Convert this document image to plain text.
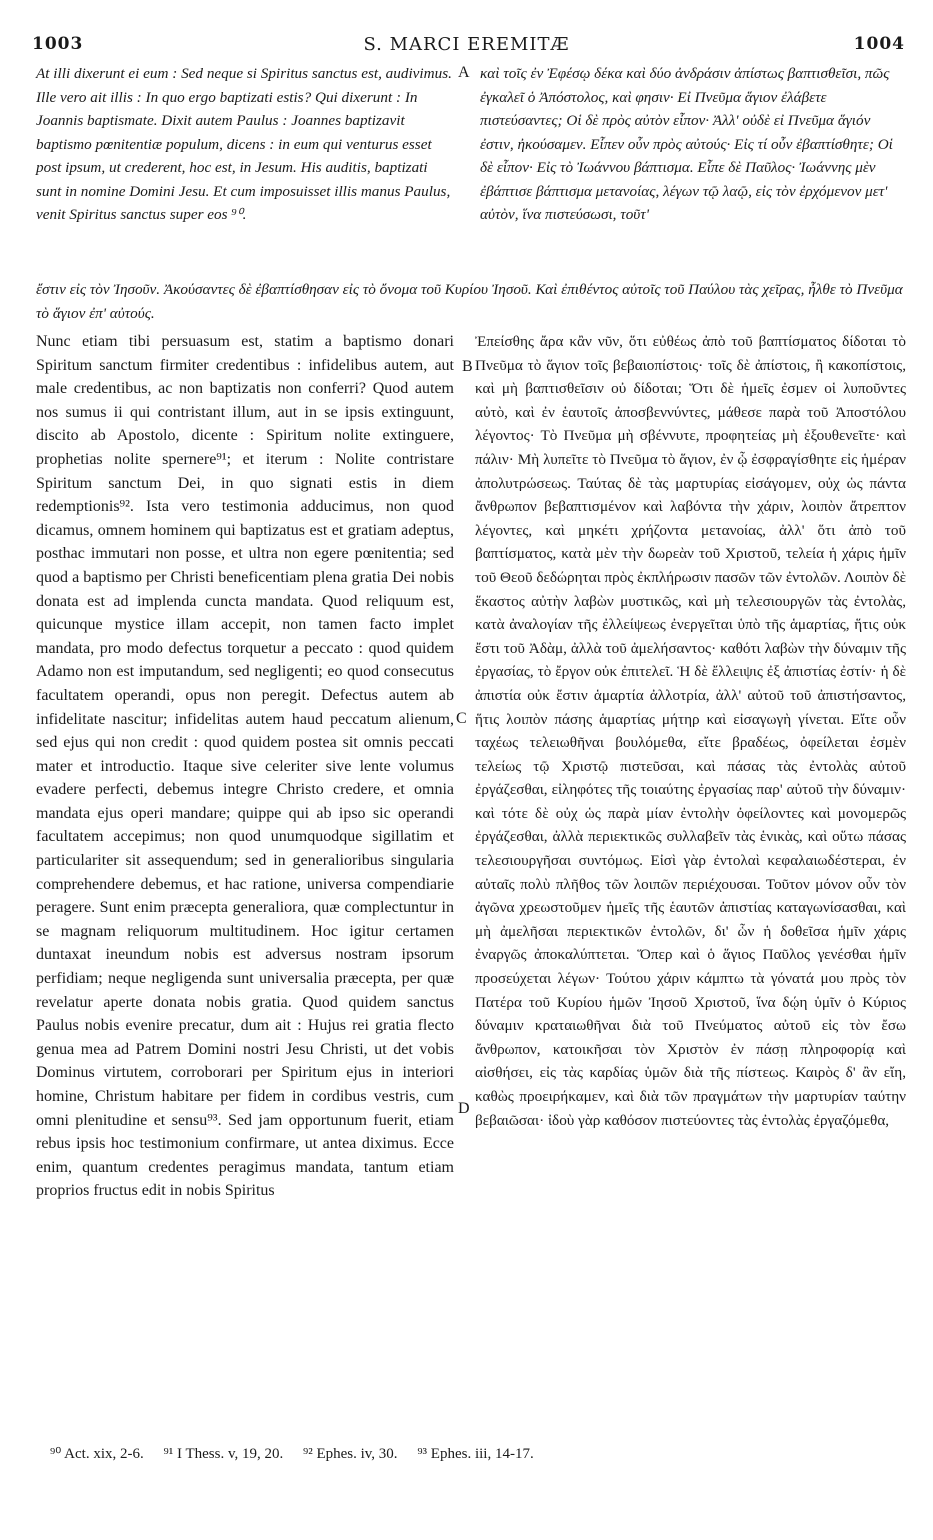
1003	S. MARCI EREMITÆ	1004

At illi dixerunt ei eum : Sed neque si Spiritus sanctus est, audivimus. Ille vero ait illis : In quo ergo baptizati estis? Qui dixerunt : In Joannis baptismate. Dixit autem Paulus : Joannes baptizavit baptismo pœnitentiæ populum, dicens : in eum qui venturus esset post ipsum, ut crederent, hoc est, in Jesum. His auditis, baptizati sunt in nomine Domini Jesu. Et cum imposuisset illis manus Paulus, venit Spiritus sanctus super eos ⁹⁰.

καὶ τοῖς ἐν Ἐφέσῳ δέκα καὶ δύο ἀνδράσιν ἀπίστως βαπτισθεῖσι, πῶς ἐγκαλεῖ ὁ Ἀπόστολος, καὶ φησιν· Εἰ Πνεῦμα ἅγιον ἐλάβετε πιστεύσαντες; Οἱ δὲ πρὸς αὐτὸν εἶπον· Ἀλλ' οὐδὲ εἰ Πνεῦμα ἅγιόν ἐστιν, ἠκούσαμεν. Εἶπεν οὖν πρὸς αὐτούς· Εἰς τί οὖν ἐβαπτίσθητε; Οἱ δὲ εἶπον· Εἰς τὸ Ἰωάννου βάπτισμα. Εἶπε δὲ Παῦλος· Ἰωάννης μὲν ἐβάπτισε βάπτισμα μετανοίας, λέγων τῷ λαῷ, εἰς τὸν ἐρχόμενον μετ' αὐτὸν, ἵνα πιστεύσωσι, τοῦτ'

ἔστιν εἰς τὸν Ἰησοῦν. Ἀκούσαντες δὲ ἐβαπτίσθησαν εἰς τὸ ὄνομα τοῦ Κυρίου Ἰησοῦ. Καὶ ἐπιθέντος αὐτοῖς τοῦ Παύλου τὰς χεῖρας, ἦλθε τὸ Πνεῦμα τὸ ἅγιον ἐπ' αὐτούς.

Nunc etiam tibi persuasum est, statim a baptismo donari Spiritum sanctum firmiter credentibus : infidelibus autem, aut male credentibus, ac non baptizatis non conferri? Quod autem nos sumus ii qui contristant illum, aut in se ipsis extinguunt, discito ab Apostolo, dicente : Spiritum nolite extinguere, prophetias nolite spernere⁹¹; et iterum : Nolite contristare Spiritum sanctum Dei, in quo signati estis in diem redemptionis⁹². Ista vero testimonia adducimus, non quod dicamus, omnem hominem qui baptizatus est et gratiam adeptus, posthac immutari non posse, et ultra non egere pœnitentia; sed quod a baptismo per Christi beneficentiam plena gratia Dei nobis donata est ad implenda cuncta mandata. Quod reliquum est, quicunque mystice illam accepit, non tamen facto implet mandata, pro modo defectus torquetur a peccato : quod quidem Adamo non est imputandum, sed negligenti; eo quod consecutus facultatem operandi, opus non peregit. Defectus autem ab infidelitate nascitur; infidelitas autem haud peccatum alienum, sed ejus qui non credit : quod quidem postea sit omnis peccati mater et introductio. Itaque sive celeriter sive lente volumus evadere perfecti, debemus integre Christo credere, et omnia mandata ejus operi mandare; quippe qui ab ipso sic operandi facultatem accepimus; non quod unumquodque sigillatim et particulariter sit assequendum; sed in generalioribus singularia comprehendere debemus, et hac ratione, universa compendiarie peragere. Sunt enim præcepta generaliora, quæ complectuntur in se magnam reliquorum multitudinem. Hoc igitur certamen duntaxat ineundum nobis est adversus nostram ipsorum perfidiam; neque negligenda sunt universalia præcepta, per quæ revelatur aperte donata nobis gratia. Quod quidem sanctus Paulus nobis evenire precatur, dum ait : Hujus rei gratia flecto genua mea ad Patrem Domini nostri Jesu Christi, ut det vobis Dominus virtutem, corroborari per Spiritum ejus in interiori homine, Christum habitare per fidem in cordibus vestris, cum omni plenitudine et sensu⁹³. Sed jam opportunum fuerit, etiam rebus ipsis hoc testimonium confirmare, ut antea diximus. Ecce enim, quantum credentes peragimus mandata, tantum etiam proprios fructus edit in nobis Spiritus

Ἐπείσθης ἄρα κἂν νῦν, ὅτι εὐθέως ἀπὸ τοῦ βαπτίσματος δίδοται τὸ Πνεῦμα τὸ ἅγιον τοῖς βεβαιοπίστοις· τοῖς δὲ ἀπίστοις, ἢ κακοπίστοις, καὶ μὴ βαπτισθεῖσιν οὐ δίδοται; Ὅτι δὲ ἡμεῖς ἐσμεν οἱ λυποῦντες αὐτὸ, καὶ ἐν ἑαυτοῖς ἀποσβεννύντες, μάθεσε παρὰ τοῦ Ἀποστόλου λέγοντος· Τὸ Πνεῦμα μὴ σβέννυτε, προφητείας μὴ ἐξουθενεῖτε· καὶ πάλιν· Μὴ λυπεῖτε τὸ Πνεῦμα τὸ ἅγιον, ἐν ᾧ ἐσφραγίσθητε εἰς ἡμέραν ἀπολυτρώσεως. Ταύτας δὲ τὰς μαρτυρίας εἰσάγομεν, οὐχ ὡς πάντα ἄνθρωπον βεβαπτισμένον καὶ λαβόντα τὴν χάριν, λοιπὸν ἄτρεπτον λέγοντες, καὶ μηκέτι χρήζοντα μετανοίας, ἀλλ' ὅτι ἀπὸ τοῦ βαπτίσματος, κατὰ μὲν τὴν δωρεὰν τοῦ Χριστοῦ, τελεία ἡ χάρις ἡμῖν τοῦ Θεοῦ δεδώρηται πρὸς ἐκπλήρωσιν πασῶν τῶν ἐντολῶν. Λοιπὸν δὲ ἕκαστος αὐτὴν λαβὼν μυστικῶς, καὶ μὴ τελεσιουργῶν τὰς ἐντολὰς, κατὰ ἀναλογίαν τῆς ἐλλείψεως ἐνεργεῖται ὑπὸ τῆς ἁμαρτίας, ἥτις οὐκ ἔστι τοῦ Ἀδὰμ, ἀλλὰ τοῦ ἀμελήσαντος· καθότι λαβὼν τὴν δύναμιν τῆς ἐργασίας, τὸ ἔργον οὐκ ἐπιτελεῖ. Ἡ δὲ ἔλλειψις ἐξ ἀπιστίας ἐστίν· ἡ δὲ ἀπιστία οὐκ ἔστιν ἁμαρτία ἀλλοτρία, ἀλλ' αὐτοῦ τοῦ ἀπιστήσαντος, ἥτις λοιπὸν πάσης ἁμαρτίας μήτηρ καὶ εἰσαγωγὴ γίνεται. Εἴτε οὖν ταχέως τελειωθῆναι βουλόμεθα, εἴτε βραδέως, ὀφείλεται ἐσμὲν τελείως τῷ Χριστῷ πιστεῦσαι, καὶ πάσας τὰς ἐντολὰς αὐτοῦ ἐργάζεσθαι, εἰληφότες τῆς τοιαύτης ἐργασίας παρ' αὐτοῦ τὴν δύναμιν· καὶ τότε δὲ οὐχ ὡς παρὰ μίαν ἐντολὴν ὀφείλοντες καὶ μονομερῶς ἐργάζεσθαι, ἀλλὰ περιεκτικῶς συλλαβεῖν τὰς ἑνικὰς, καὶ οὕτω πάσας τελεσιουργῆσαι συντόμως. Εἰσὶ γὰρ ἐντολαὶ κεφαλαιωδέστεραι, ἐν αὐταῖς πολὺ πλῆθος τῶν λοιπῶν περιέχουσαι. Τοῦτον μόνον οὖν τὸν ἀγῶνα χρεωστοῦμεν ἡμεῖς τῆς ἑαυτῶν ἀπιστίας καταγωνίσασθαι, καὶ μὴ ἀμελῆσαι περιεκτικῶν ἐντολῶν, δι' ὧν ἡ δοθεῖσα ἡμῖν χάρις ἐναργῶς ἀποκαλύπτεται. Ὅπερ καὶ ὁ ἅγιος Παῦλος γενέσθαι ἡμῖν προσεύχεται λέγων· Τούτου χάριν κάμπτω τὰ γόνατά μου πρὸς τὸν Πατέρα τοῦ Κυρίου ἡμῶν Ἰησοῦ Χριστοῦ, ἵνα δῴη ὑμῖν ὁ Κύριος δύναμιν κραταιωθῆναι διὰ τοῦ Πνεύματος αὐτοῦ εἰς τὸν ἔσω ἄνθρωπον, κατοικῆσαι τὸν Χριστὸν ἐν πάσῃ πληροφορίᾳ καὶ αἰσθήσει, εἰς τὰς καρδίας ὑμῶν διὰ τῆς πίστεως. Καιρὸς δ' ἂν εἴη, καθὼς προειρήκαμεν, καὶ διὰ τῶν πραγμάτων τὴν μαρτυρίαν ταύτην βεβαιῶσαι· ἰδοὺ γὰρ καθόσον πιστεύοντες τὰς ἐντολὰς ἐργαζόμεθα,

A
B
C
D
⁹⁰ Act. xix, 2-6. ⁹¹ I Thess. v, 19, 20. ⁹² Ephes. iv, 30. ⁹³ Ephes. iii, 14-17.
